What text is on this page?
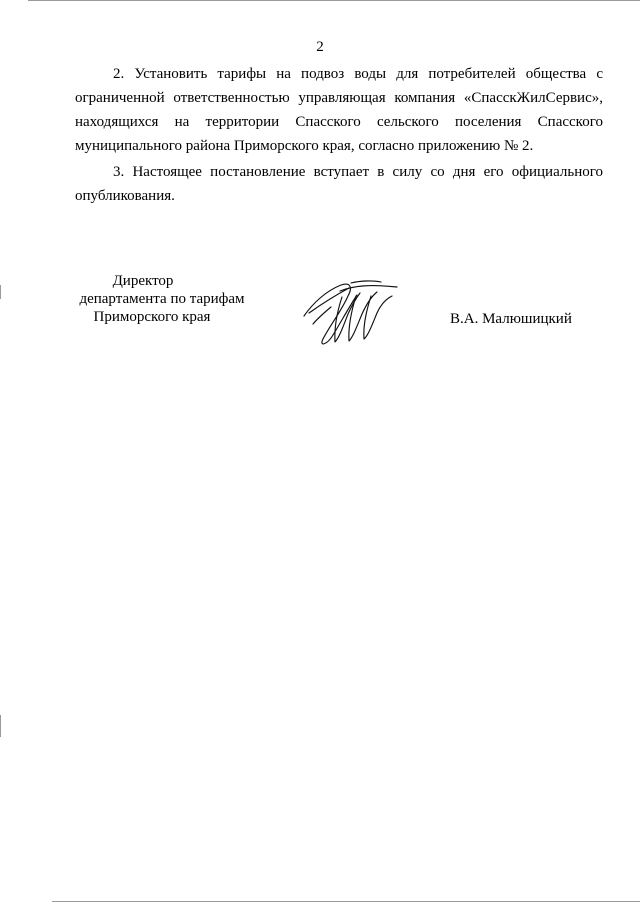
2

2. Установить тарифы на подвоз воды для потребителей общества с ограниченной ответственностью управляющая компания «СпасскЖилСервис», находящихся на территории Спасского сельского поселения Спасского муниципального района Приморского края, согласно приложению № 2.

3. Настоящее постановление вступает в силу со дня его официального опубликования.

Директор
департамента по тарифам
Приморского края	В.А. Малюшицкий
